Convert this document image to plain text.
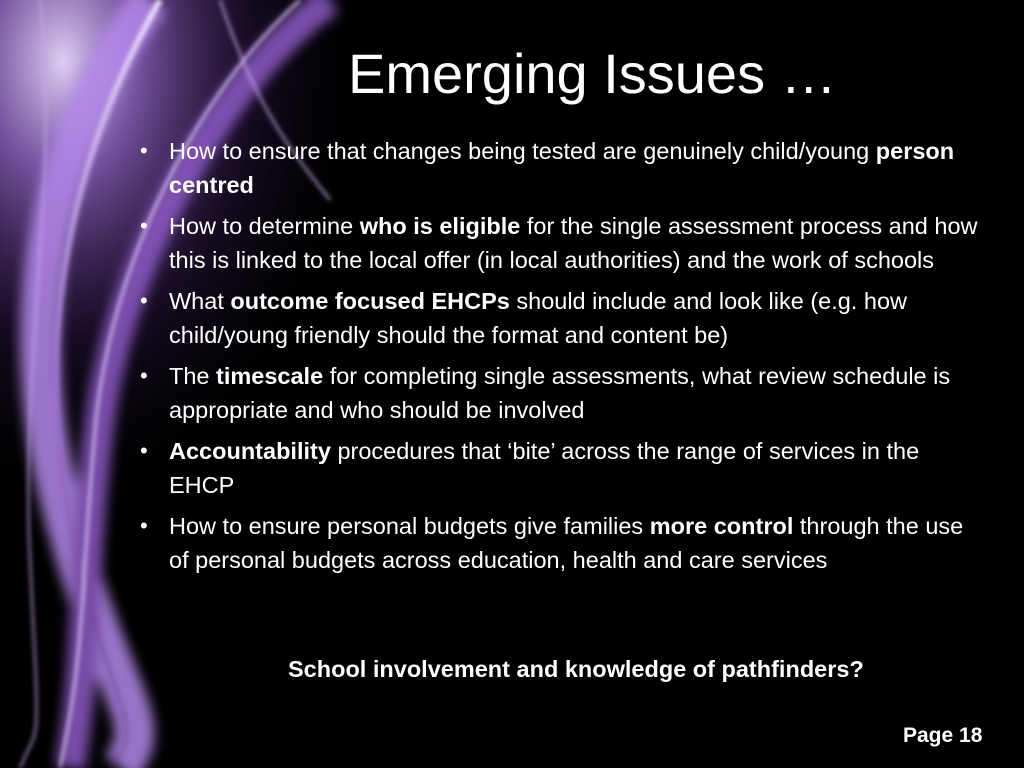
Emerging Issues …
• How to ensure that changes being tested are genuinely child/young person centred
• How to determine who is eligible for the single assessment process and how this is linked to the local offer (in local authorities) and the work of schools
• What outcome focused EHCPs should include and look like (e.g. how child/young friendly should the format and content be)
• The timescale for completing single assessments, what review schedule is appropriate and who should be involved
• Accountability procedures that ‘bite’ across the range of services in the EHCP
• How to ensure personal budgets give families more control through the use of personal budgets across education, health and care services
School involvement and knowledge of pathfinders?
Page 18
